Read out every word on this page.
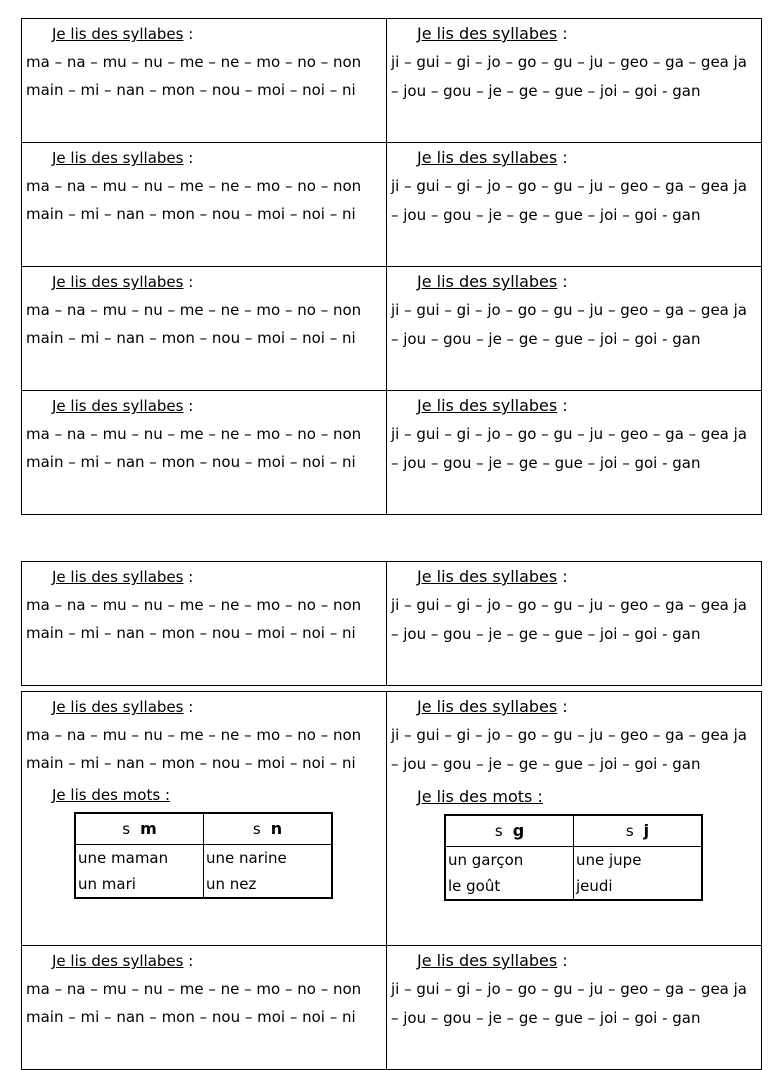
Je lis des syllabes :
ma – na – mu – nu – me – ne – mo – no – non main – mi – nan – mon – nou – moi – noi – ni	Je lis des syllabes :
ji – gui – gi – jo – go – gu – ju – geo – ga – gea ja – jou – gou – je – ge – gue – joi – goi - gan

Je lis des syllabes :
ma – na – mu – nu – me – ne – mo – no – non main – mi – nan – mon – nou – moi – noi – ni	Je lis des syllabes :
ji – gui – gi – jo – go – gu – ju – geo – ga – gea ja – jou – gou – je – ge – gue – joi – goi - gan

Je lis des syllabes :
ma – na – mu – nu – me – ne – mo – no – non main – mi – nan – mon – nou – moi – noi – ni	Je lis des syllabes :
ji – gui – gi – jo – go – gu – ju – geo – ga – gea ja – jou – gou – je – ge – gue – joi – goi - gan

Je lis des syllabes :
ma – na – mu – nu – me – ne – mo – no – non main – mi – nan – mon – nou – moi – noi – ni	Je lis des syllabes :
ji – gui – gi – jo – go – gu – ju – geo – ga – gea ja – jou – gou – je – ge – gue – joi – goi - gan
Je lis des syllabes :
ma – na – mu – nu – me – ne – mo – no – non main – mi – nan – mon – nou – moi – noi – ni

Je lis des syllabes :
ji – gui – gi – jo – go – gu – ju – geo – ga – gea ja – jou – gou – je – ge – gue – joi – goi - gan
Je lis des syllabes :
ma – na – mu – nu – me – ne – mo – no – non main – mi – nan – mon – nou – moi – noi – ni
Je lis des mots :
s m	s n
une maman	une narine
un mari	un nez

Je lis des syllabes :
ji – gui – gi – jo – go – gu – ju – geo – ga – gea ja – jou – gou – je – ge – gue – joi – goi - gan
Je lis des mots :
s g	s j
un garçon	une jupe
le goût	jeudi

Je lis des syllabes :
ma – na – mu – nu – me – ne – mo – no – non main – mi – nan – mon – nou – moi – noi – ni

Je lis des syllabes :
ji – gui – gi – jo – go – gu – ju – geo – ga – gea ja – jou – gou – je – ge – gue – joi – goi - gan
